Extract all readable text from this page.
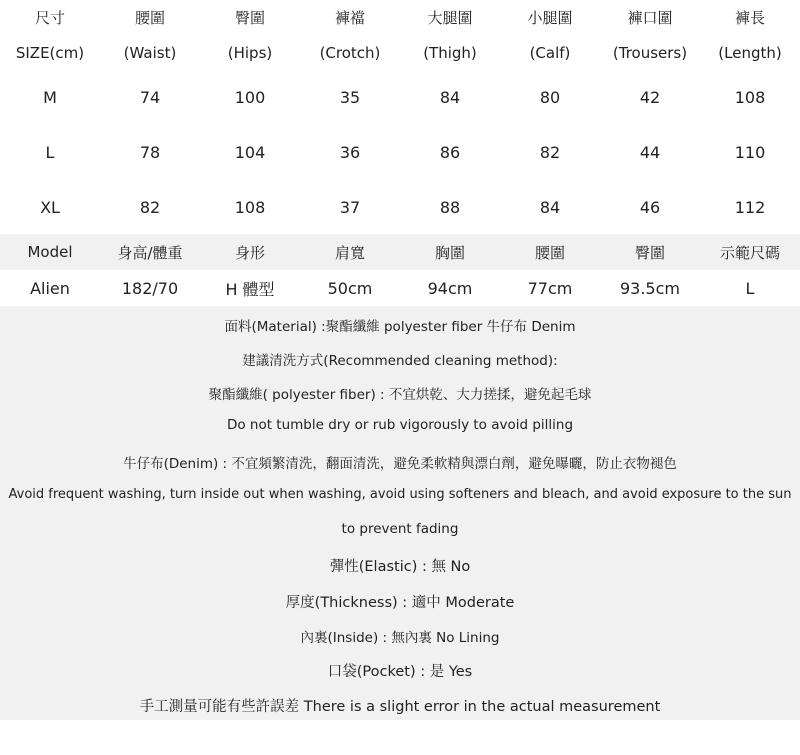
尺寸	腰圍	臀圍	褲襠	大腿圍	小腿圍	褲口圍	褲長
SIZE(cm)	(Waist)	(Hips)	(Crotch)	(Thigh)	(Calf)	(Trousers)	(Length)
M	74	100	35	84	80	42	108
L	78	104	36	86	82	44	110
XL	82	108	37	88	84	46	112
Model	身高/體重	身形	肩寬	胸圍	腰圍	臀圍	示範尺碼
Alien	182/70	H 體型	50cm	94cm	77cm	93.5cm	L
面料(Material) :聚酯纖維 polyester fiber 牛仔布 Denim
建議清洗方式(Recommended cleaning method):
聚酯纖維( polyester fiber) : 不宜烘乾、大力搓揉，避免起毛球
Do not tumble dry or rub vigorously to avoid pilling
牛仔布(Denim) : 不宜頻繁清洗，翻面清洗，避免柔軟精與漂白劑，避免曝曬，防止衣物褪色
Avoid frequent washing, turn inside out when washing, avoid using softeners and bleach, and avoid exposure to the sun
to prevent fading
彈性(Elastic) : 無 No
厚度(Thickness) : 適中 Moderate
內裏(Inside) : 無內裏 No Lining
口袋(Pocket) : 是 Yes
手工測量可能有些許誤差 There is a slight error in the actual measurement
